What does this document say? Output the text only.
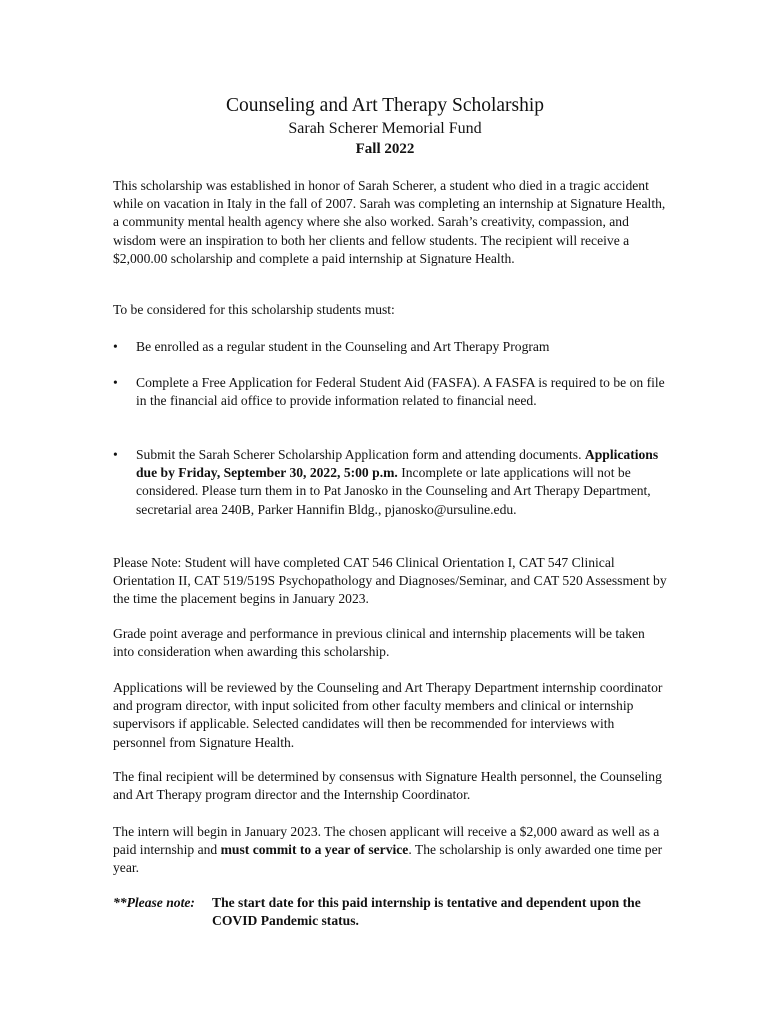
Counseling and Art Therapy Scholarship
Sarah Scherer Memorial Fund
Fall 2022

This scholarship was established in honor of Sarah Scherer, a student who died in a tragic accident while on vacation in Italy in the fall of 2007. Sarah was completing an internship at Signature Health, a community mental health agency where she also worked. Sarah’s creativity, compassion, and wisdom were an inspiration to both her clients and fellow students. The recipient will receive a $2,000.00 scholarship and complete a paid internship at Signature Health.

To be considered for this scholarship students must:

•	Be enrolled as a regular student in the Counseling and Art Therapy Program
•	Complete a Free Application for Federal Student Aid (FASFA). A FASFA is required to be on file in the financial aid office to provide information related to financial need.
•	Submit the Sarah Scherer Scholarship Application form and attending documents. Applications due by Friday, September 30, 2022, 5:00 p.m. Incomplete or late applications will not be considered. Please turn them in to Pat Janosko in the Counseling and Art Therapy Department, secretarial area 240B, Parker Hannifin Bldg., pjanosko@ursuline.edu.

Please Note: Student will have completed CAT 546 Clinical Orientation I, CAT 547 Clinical Orientation II, CAT 519/519S Psychopathology and Diagnoses/Seminar, and CAT 520 Assessment by the time the placement begins in January 2023.

Grade point average and performance in previous clinical and internship placements will be taken into consideration when awarding this scholarship.

Applications will be reviewed by the Counseling and Art Therapy Department internship coordinator and program director, with input solicited from other faculty members and clinical or internship supervisors if applicable. Selected candidates will then be recommended for interviews with personnel from Signature Health.

The final recipient will be determined by consensus with Signature Health personnel, the Counseling and Art Therapy program director and the Internship Coordinator.

The intern will begin in January 2023. The chosen applicant will receive a $2,000 award as well as a paid internship and must commit to a year of service. The scholarship is only awarded one time per year.

**Please note: The start date for this paid internship is tentative and dependent upon the COVID Pandemic status.
